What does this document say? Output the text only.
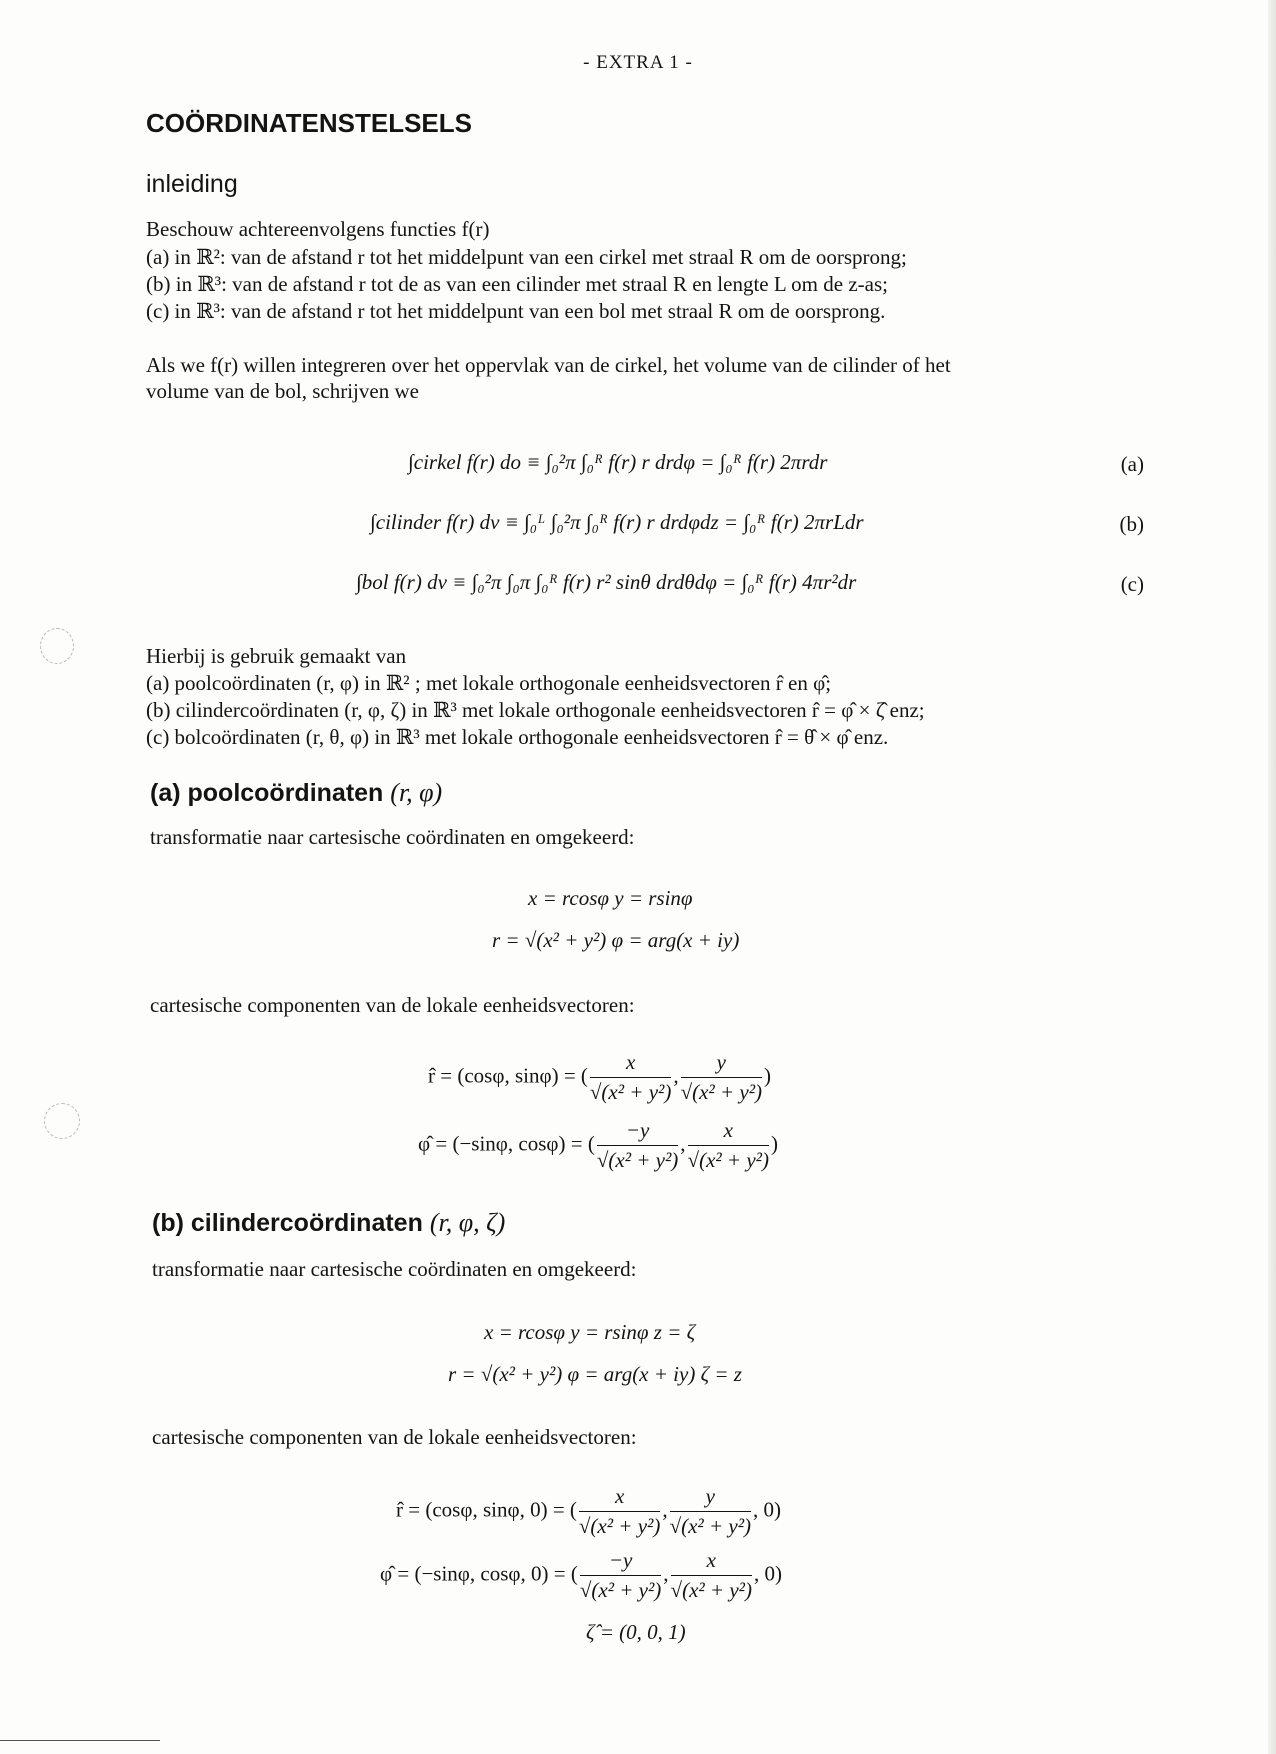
- EXTRA 1 -
COÖRDINATENSTELSELS
inleiding
Beschouw achtereenvolgens functies f(r)
(a) in ℝ²: van de afstand r tot het middelpunt van een cirkel met straal R om de oorsprong;
(b) in ℝ³: van de afstand r tot de as van een cilinder met straal R en lengte L om de z-as;
(c) in ℝ³: van de afstand r tot het middelpunt van een bol met straal R om de oorsprong.
Als we f(r) willen integreren over het oppervlak van de cirkel, het volume van de cilinder of het
volume van de bol, schrijven we
∫cirkel f(r) do ≡ ∫₀²π ∫₀ᴿ f(r) r drdφ = ∫₀ᴿ f(r) 2πrdr	(a)
∫cilinder f(r) dv ≡ ∫₀ᴸ ∫₀²π ∫₀ᴿ f(r) r drdφdz = ∫₀ᴿ f(r) 2πrLdr	(b)
∫bol f(r) dv ≡ ∫₀²π ∫₀π ∫₀ᴿ f(r) r² sinθ drdθdφ = ∫₀ᴿ f(r) 4πr²dr	(c)
Hierbij is gebruik gemaakt van
(a) poolcoördinaten (r, φ) in ℝ² ; met lokale orthogonale eenheidsvectoren r̂ en φ̂;
(b) cilindercoördinaten (r, φ, ζ) in ℝ³ met lokale orthogonale eenheidsvectoren r̂ = φ̂ × ζ̂ enz;
(c) bolcoördinaten (r, θ, φ) in ℝ³ met lokale orthogonale eenheidsvectoren r̂ = θ̂ × φ̂ enz.
(a) poolcoördinaten (r, φ)
transformatie naar cartesische coördinaten en omgekeerd:
x = rcosφ y = rsinφ
r = √(x² + y²) φ = arg(x + iy)
cartesische componenten van de lokale eenheidsvectoren:
r̂ = (cosφ, sinφ) = ( $\frac{x}{\text{√(x² + y²)}}$ , $\frac{y}{\text{√(x² + y²)}}$ )
φ̂ = (−sinφ, cosφ) = ( $\frac{-y}{\text{√(x² + y²)}}$ , $\frac{x}{\text{√(x² + y²)}}$ )
(b) cilindercoördinaten (r, φ, ζ)
transformatie naar cartesische coördinaten en omgekeerd:
x = rcosφ y = rsinφ z = ζ
r = √(x² + y²) φ = arg(x + iy) ζ = z
cartesische componenten van de lokale eenheidsvectoren:
r̂ = (cosφ, sinφ, 0) = ( $\frac{x}{\text{√(x² + y²)}}$ , $\frac{y}{\text{√(x² + y²)}}$ , 0)
φ̂ = (−sinφ, cosφ, 0) = ( $\frac{-y}{\text{√(x² + y²)}}$ , $\frac{x}{\text{√(x² + y²)}}$ , 0)
ζ̂ = (0, 0, 1)
